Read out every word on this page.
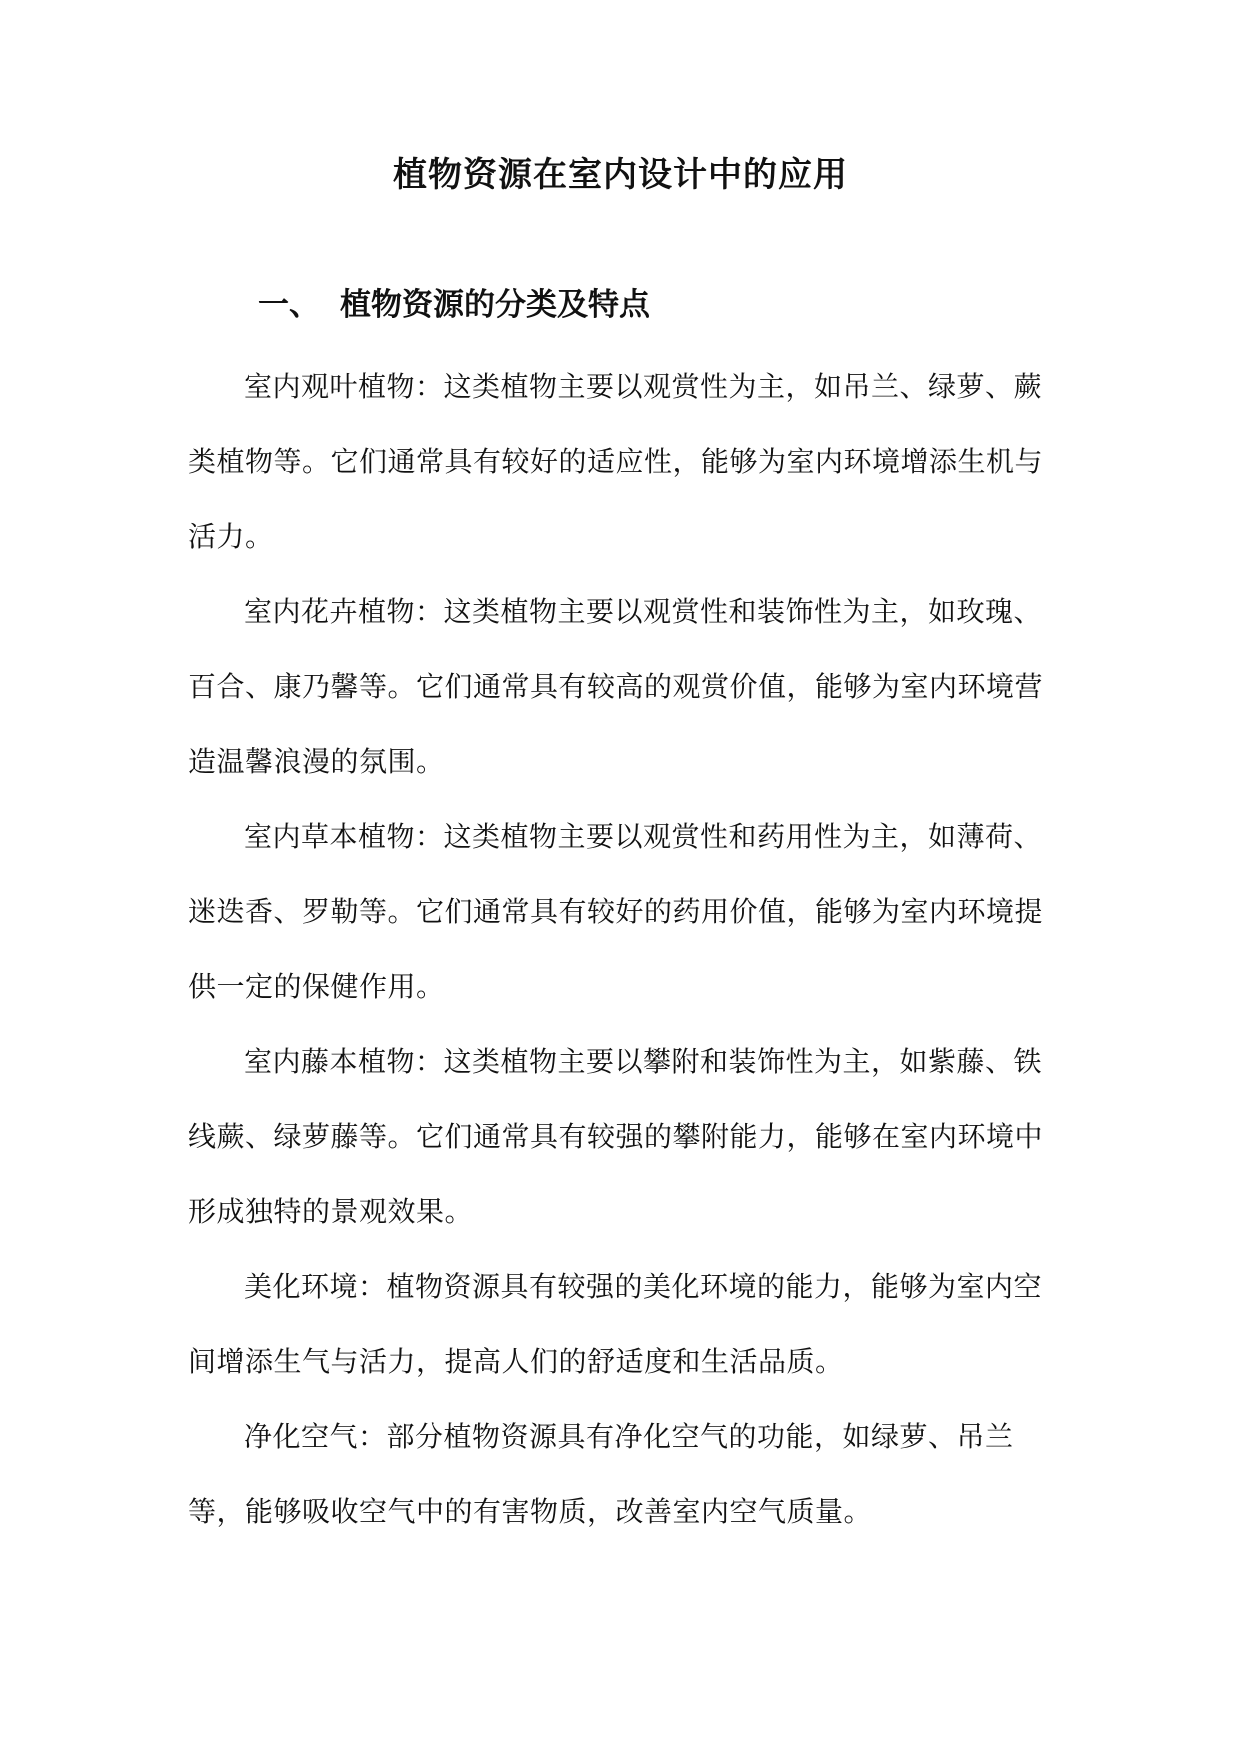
植物资源在室内设计中的应用
一、 植物资源的分类及特点

室内观叶植物：这类植物主要以观赏性为主，如吊兰、绿萝、蕨类植物等。它们通常具有较好的适应性，能够为室内环境增添生机与活力。

室内花卉植物：这类植物主要以观赏性和装饰性为主，如玫瑰、百合、康乃馨等。它们通常具有较高的观赏价值，能够为室内环境营造温馨浪漫的氛围。

室内草本植物：这类植物主要以观赏性和药用性为主，如薄荷、迷迭香、罗勒等。它们通常具有较好的药用价值，能够为室内环境提供一定的保健作用。

室内藤本植物：这类植物主要以攀附和装饰性为主，如紫藤、铁线蕨、绿萝藤等。它们通常具有较强的攀附能力，能够在室内环境中形成独特的景观效果。

美化环境：植物资源具有较强的美化环境的能力，能够为室内空间增添生气与活力，提高人们的舒适度和生活品质。

净化空气：部分植物资源具有净化空气的功能，如绿萝、吊兰等，能够吸收空气中的有害物质，改善室内空气质量。
